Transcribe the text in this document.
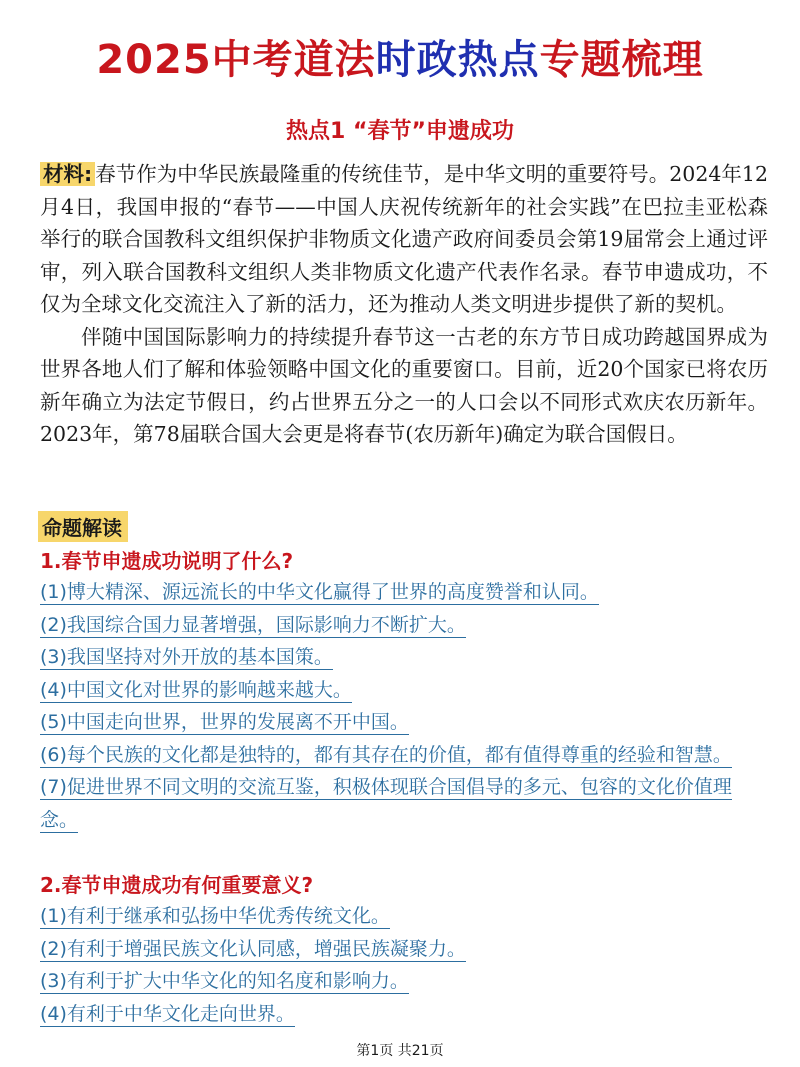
2025中考道法时政热点专题梳理
热点1 “春节”申遗成功

材料: 春节作为中华民族最隆重的传统佳节，是中华文明的重要符号。2024年12月4日，我国申报的“春节——中国人庆祝传统新年的社会实践”在巴拉圭亚松森举行的联合国教科文组织保护非物质文化遗产政府间委员会第19届常会上通过评审，列入联合国教科文组织人类非物质文化遗产代表作名录。春节申遗成功，不仅为全球文化交流注入了新的活力，还为推动人类文明进步提供了新的契机。

伴随中国国际影响力的持续提升春节这一古老的东方节日成功跨越国界成为世界各地人们了解和体验领略中国文化的重要窗口。目前，近20个国家已将农历新年确立为法定节假日，约占世界五分之一的人口会以不同形式欢庆农历新年。2023年，第78届联合国大会更是将春节(农历新年)确定为联合国假日。

命题解读
1.春节申遗成功说明了什么?
(1)博大精深、源远流长的中华文化赢得了世界的高度赞誉和认同。
(2)我国综合国力显著增强，国际影响力不断扩大。
(3)我国坚持对外开放的基本国策。
(4)中国文化对世界的影响越来越大。
(5)中国走向世界，世界的发展离不开中国。
(6)每个民族的文化都是独特的，都有其存在的价值，都有值得尊重的经验和智慧。
(7)促进世界不同文明的交流互鉴，积极体现联合国倡导的多元、包容的文化价值理念。
2.春节申遗成功有何重要意义?
(1)有利于继承和弘扬中华优秀传统文化。
(2)有利于增强民族文化认同感，增强民族凝聚力。
(3)有利于扩大中华文化的知名度和影响力。
(4)有利于中华文化走向世界。
第1页 共21页
